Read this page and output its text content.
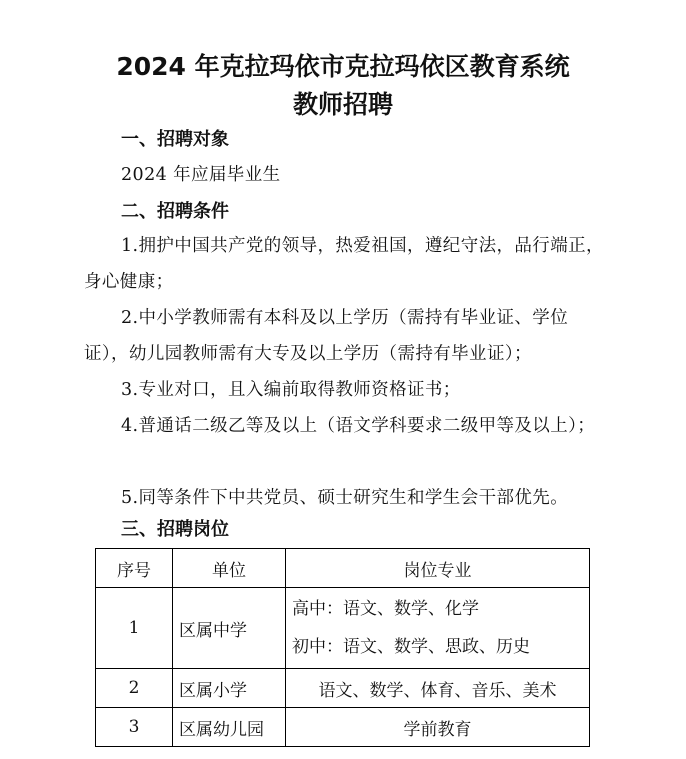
2024 年克拉玛依市克拉玛依区教育系统
教师招聘
一、招聘对象
2024 年应届毕业生
二、招聘条件
1.拥护中国共产党的领导，热爱祖国，遵纪守法，品行端正，身心健康；
2.中小学教师需有本科及以上学历（需持有毕业证、学位证），幼儿园教师需有大专及以上学历（需持有毕业证）；
3.专业对口，且入编前取得教师资格证书；
4.普通话二级乙等及以上（语文学科要求二级甲等及以上）；
5.同等条件下中共党员、硕士研究生和学生会干部优先。
三、招聘岗位
序号	单位	岗位专业
1	区属中学	高中：语文、数学、化学
初中：语文、数学、思政、历史

2	区属小学	语文、数学、体育、音乐、美术
3	区属幼儿园	学前教育
